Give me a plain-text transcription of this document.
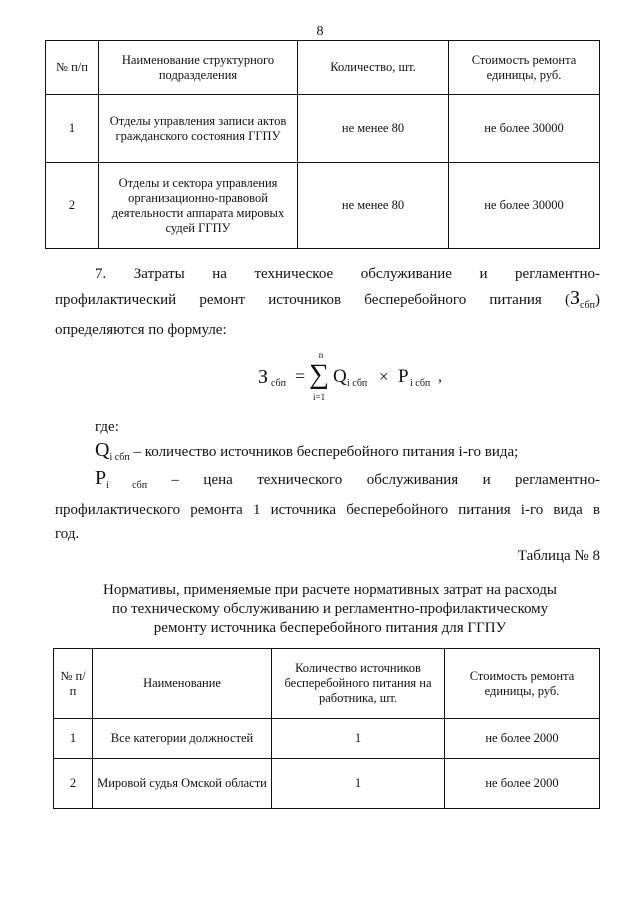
8
№ п/п	Наименование структурного подразделения	Количество, шт.	Стоимость ремонта единицы, руб.
1	Отделы управления записи актов гражданского состояния ГГПУ	не менее 80	не более 30000
2	Отделы и сектора управления организационно-правовой деятельности аппарата мировых судей ГГПУ	не менее 80	не более 30000
7. Затраты на техническое обслуживание и регламентно-
профилактический ремонт источников бесперебойного питания $(З_{сбп})$
определяются по формуле:
З сбп =
n
∑
i=1
Q i сбп × P i сбп ,
где:
$Q_{i сбп}$ – количество источников бесперебойного питания i-го вида;
$P_{i сбп}$ – цена технического обслуживания и регламентно-
профилактического ремонта 1 источника бесперебойного питания i-го вида в
год.
Таблица № 8
Нормативы, применяемые при расчете нормативных затрат на расходы
по техническому обслуживанию и регламентно-профилактическому
ремонту источника бесперебойного питания для ГГПУ
№ п/п	Наименование	Количество источников бесперебойного питания на работника, шт.	Стоимость ремонта единицы, руб.
1	Все категории должностей	1	не более 2000
2	Мировой судья Омской области	1	не более 2000
